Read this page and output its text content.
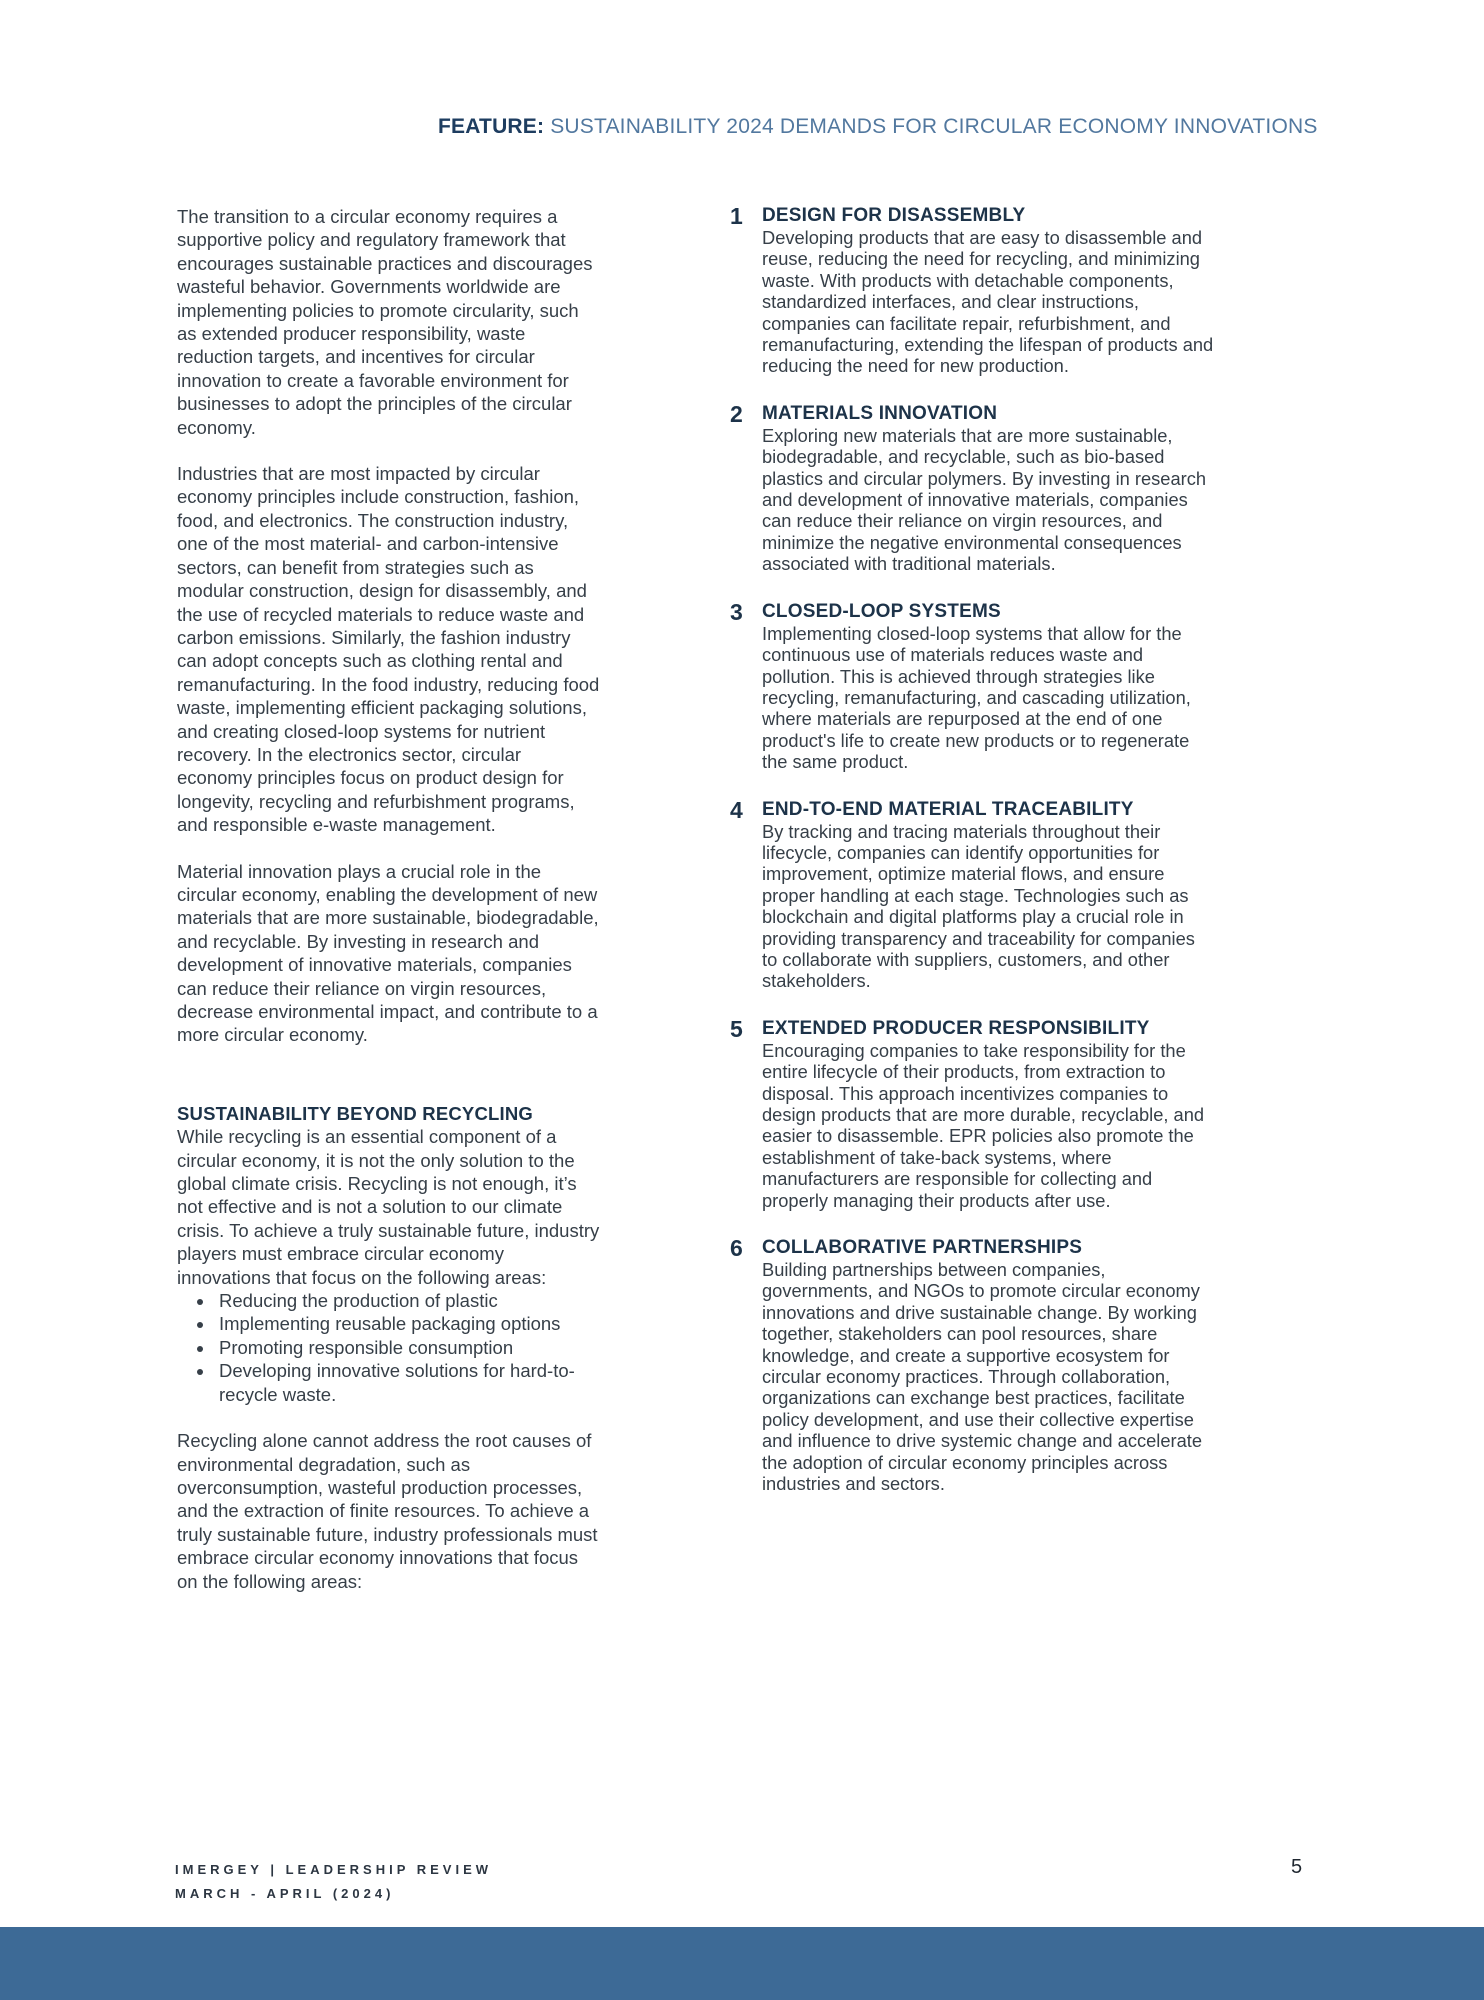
FEATURE: SUSTAINABILITY 2024 DEMANDS FOR CIRCULAR ECONOMY INNOVATIONS

The transition to a circular economy requires a supportive policy and regulatory framework that encourages sustainable practices and discourages wasteful behavior. Governments worldwide are implementing policies to promote circularity, such as extended producer responsibility, waste reduction targets, and incentives for circular innovation to create a favorable environment for businesses to adopt the principles of the circular economy.

Industries that are most impacted by circular economy principles include construction, fashion, food, and electronics. The construction industry, one of the most material- and carbon-intensive sectors, can benefit from strategies such as modular construction, design for disassembly, and the use of recycled materials to reduce waste and carbon emissions. Similarly, the fashion industry can adopt concepts such as clothing rental and remanufacturing. In the food industry, reducing food waste, implementing efficient packaging solutions, and creating closed-loop systems for nutrient recovery. In the electronics sector, circular economy principles focus on product design for longevity, recycling and refurbishment programs, and responsible e-waste management.

Material innovation plays a crucial role in the circular economy, enabling the development of new materials that are more sustainable, biodegradable, and recyclable. By investing in research and development of innovative materials, companies can reduce their reliance on virgin resources, decrease environmental impact, and contribute to a more circular economy.

SUSTAINABILITY BEYOND RECYCLING
While recycling is an essential component of a circular economy, it is not the only solution to the global climate crisis. Recycling is not enough, it’s not effective and is not a solution to our climate crisis. To achieve a truly sustainable future, industry players must embrace circular economy innovations that focus on the following areas:
• Reducing the production of plastic
• Implementing reusable packaging options
• Promoting responsible consumption
• Developing innovative solutions for hard-to-recycle waste.

Recycling alone cannot address the root causes of environmental degradation, such as overconsumption, wasteful production processes, and the extraction of finite resources. To achieve a truly sustainable future, industry professionals must embrace circular economy innovations that focus on the following areas:

1	DESIGN FOR DISASSEMBLY
Developing products that are easy to disassemble and reuse, reducing the need for recycling, and minimizing waste. With products with detachable components, standardized interfaces, and clear instructions, companies can facilitate repair, refurbishment, and remanufacturing, extending the lifespan of products and reducing the need for new production.
2	MATERIALS INNOVATION
Exploring new materials that are more sustainable, biodegradable, and recyclable, such as bio-based plastics and circular polymers. By investing in research and development of innovative materials, companies can reduce their reliance on virgin resources, and minimize the negative environmental consequences associated with traditional materials.
3	CLOSED-LOOP SYSTEMS
Implementing closed-loop systems that allow for the continuous use of materials reduces waste and pollution. This is achieved through strategies like recycling, remanufacturing, and cascading utilization, where materials are repurposed at the end of one product's life to create new products or to regenerate the same product.
4	END-TO-END MATERIAL TRACEABILITY
By tracking and tracing materials throughout their lifecycle, companies can identify opportunities for improvement, optimize material flows, and ensure proper handling at each stage. Technologies such as blockchain and digital platforms play a crucial role in providing transparency and traceability for companies to collaborate with suppliers, customers, and other stakeholders.
5	EXTENDED PRODUCER RESPONSIBILITY
Encouraging companies to take responsibility for the entire lifecycle of their products, from extraction to disposal. This approach incentivizes companies to design products that are more durable, recyclable, and easier to disassemble. EPR policies also promote the establishment of take-back systems, where manufacturers are responsible for collecting and properly managing their products after use.
6	COLLABORATIVE PARTNERSHIPS
Building partnerships between companies, governments, and NGOs to promote circular economy innovations and drive sustainable change. By working together, stakeholders can pool resources, share knowledge, and create a supportive ecosystem for circular economy practices. Through collaboration, organizations can exchange best practices, facilitate policy development, and use their collective expertise and influence to drive systemic change and accelerate the adoption of circular economy principles across industries and sectors.
IMERGEY | LEADERSHIP REVIEW
MARCH - APRIL (2024)
5
